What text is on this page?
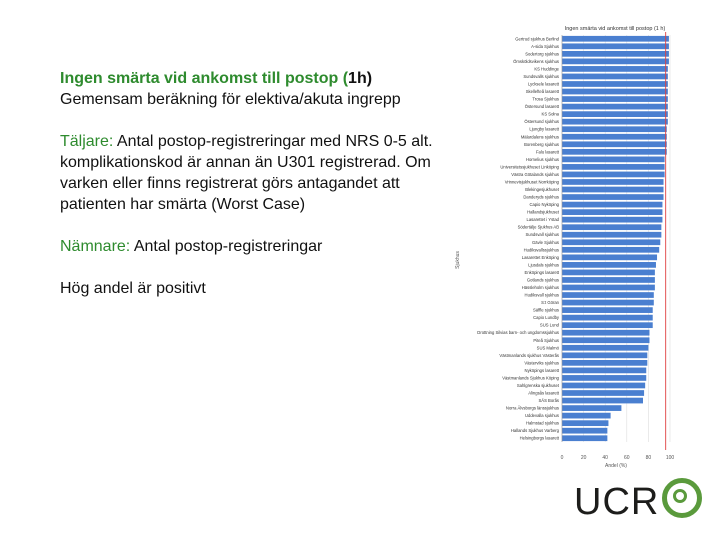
Ingen smärta vid ankomst till postop (1h)
Gemensam beräkning för elektiva/akuta ingrepp

Täljare: Antal postop-registreringar med NRS 0-5 alt. komplikationskod är annan än U301 registrerad. Om varken eller finns registrerat görs antagandet att patienten har smärta (Worst Case)

Nämnare: Antal postop-registreringar

Hög andel är positivt

0	20	40	60	80	100
Gertrud sjukhus Berlind
A-sida Sjukhus
Sodertorg sjukhus
Ömsköldsvikens sjukhus
KS Huddinge
Sundsvalls sjukhus
Lycksele lasarett
Skellefteå lasarett
Trosa Sjukhus
Östersund lasarett
KS Solna
Östersund sjukhus
Ljungby lasarett
Mälardalens sjukhus
Borenberg sjukhus
Falu lasarett
Hornelius sjukhus
Universitetssjukhuset Linköping
Västra Götalands sjukhus
Vrinnevisjukhuset Norrköping
Blekingesjukhuset
Danderyds sjukhus
Capio Nyköping
Hallandsjukhuset
Lasarettet i Ystad
Södertälje Sjukhus AB
Sundsvall sjukhus
Gävle Sjukhus
Hudiksvallssjukhus
Lasarettet Enköping
Ljusdals sjukhus
Enköpings lasarett
Gotlands sjukhus
Hässleholm sjukhus
Hudiksvall sjukhus
S:t Göran
Säffle sjukhus
Capio Lundby
SUS Lund
Drottning Silvias barn- och ungdomssjukhus
Piteå Sjukhus
SUS Malmö
Västmanlands sjukhus Västerås
Västerviks sjukhus
Nyköpings lasarett
Västmanlands Sjukhus Köping
Sahlgrenska sjukhuset
Alingsås lasarett
SÄS Borås
Norra Älvsborgs länssjukhus
Uddevalla sjukhus
Halmstad sjukhus
Hallands Sjukhus Varberg
Helsingborgs lasarett
Ingen smärta vid ankomst till postop (1 h)
Andel (%)
Sjukhus
UCR
